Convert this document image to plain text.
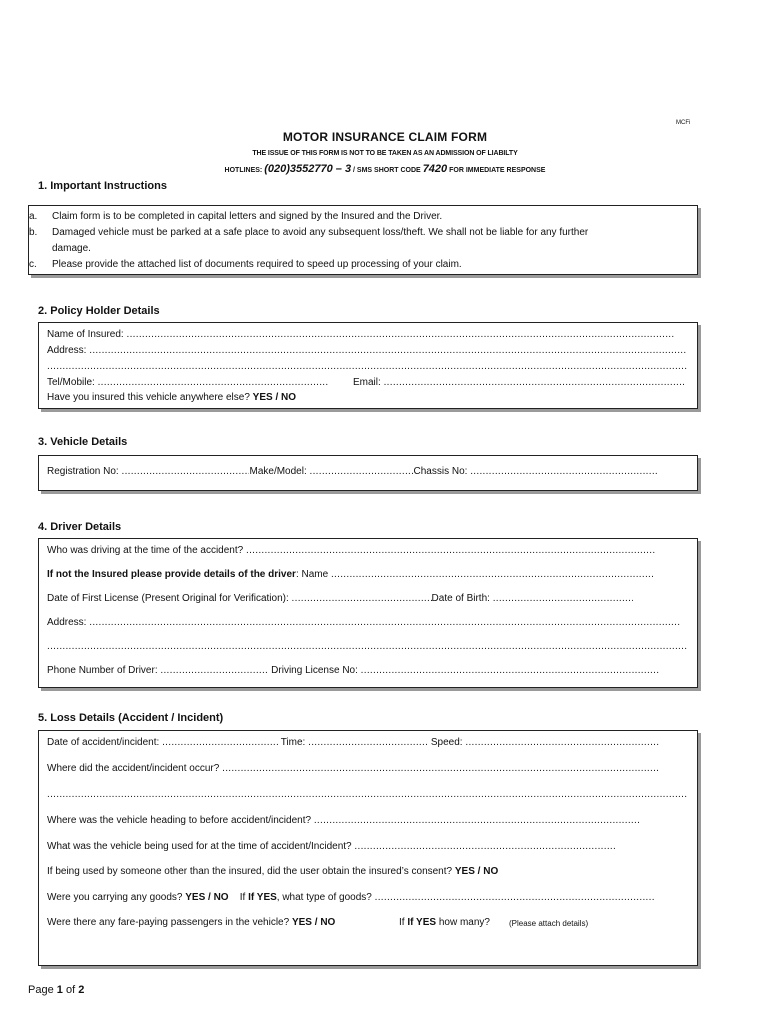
MCFi
MOTOR INSURANCE CLAIM FORM
THE ISSUE OF THIS FORM IS NOT TO BE TAKEN AS AN ADMISSION OF LIABILTY
HOTLINES: (020)3552770 – 3 / SMS SHORT CODE 7420 FOR IMMEDIATE RESPONSE
1. Important Instructions
a. Claim form is to be completed in capital letters and signed by the Insured and the Driver.
b. Damaged vehicle must be parked at a safe place to avoid any subsequent loss/theft. We shall not be liable for any further
damage.
c. Please provide the attached list of documents required to speed up processing of your claim.
2. Policy Holder Details
Name of Insured: .....
Address: .....
.....
Tel/Mobile: .....	Email: .....
Have you insured this vehicle anywhere else? YES / NO
3. Vehicle Details
Registration No: .....	Make/Model: .....	Chassis No: .....
4. Driver Details
Who was driving at the time of the accident? .....
If not the Insured please provide details of the driver: Name .....
Date of First License (Present Original for Verification): .....	Date of Birth: .....
Address: .....
.....
Phone Number of Driver: .....	Driving License No: .....
5. Loss Details (Accident / Incident)
Date of accident/incident: .....	Time: .....	Speed: .....
Where did the accident/incident occur? .....
.....
Where was the vehicle heading to before accident/incident? .....
What was the vehicle being used for at the time of accident/Incident? .....
If being used by someone other than the insured, did the user obtain the insured’s consent? YES / NO
Were you carrying any goods? YES / NO If If YES, what type of goods? .....
Were there any fare-paying passengers in the vehicle? YES / NO	If If YES how many? (Please attach details)
Page 1 of 2
